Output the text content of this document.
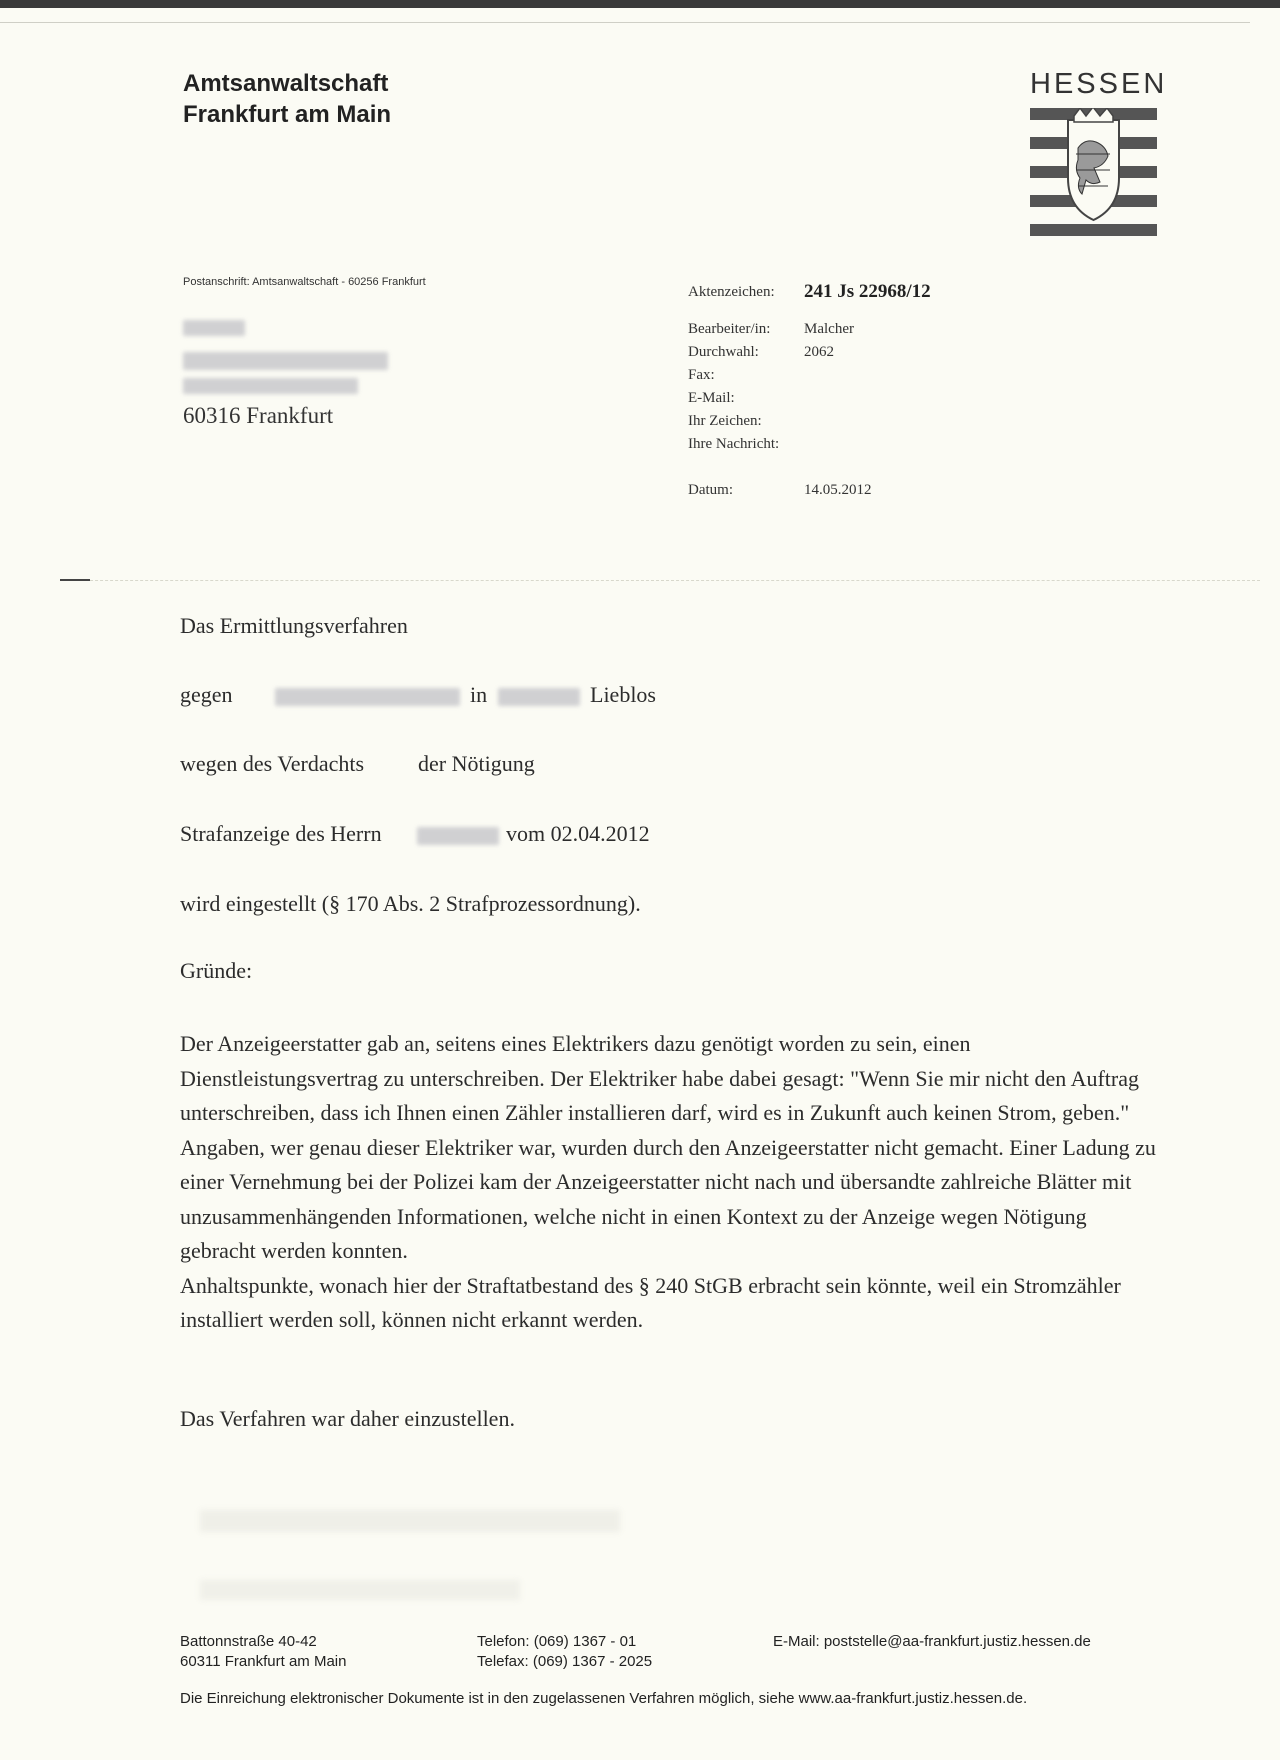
Amtsanwaltschaft
Frankfurt am Main
HESSEN
Postanschrift: Amtsanwaltschaft - 60256 Frankfurt
60316 Frankfurt
Aktenzeichen: 241 Js 22968/12
Bearbeiter/in: Malcher
Durchwahl:	2062
Fax:
E-Mail:
Ihr Zeichen:
Ihre Nachricht:
Datum:	14.05.2012
Das Ermittlungsverfahren
gegen	in	Lieblos
wegen des Verdachts der Nötigung
Strafanzeige des Herrn	vom 02.04.2012
wird eingestellt (§ 170 Abs. 2 Strafprozessordnung).
Gründe:

Der Anzeigeerstatter gab an, seitens eines Elektrikers dazu genötigt worden zu sein, einen Dienstleistungsvertrag zu unterschreiben. Der Elektriker habe dabei gesagt: "Wenn Sie mir nicht den Auftrag unterschreiben, dass ich Ihnen einen Zähler installieren darf, wird es in Zukunft auch keinen Strom, geben."

Angaben, wer genau dieser Elektriker war, wurden durch den Anzeigeerstatter nicht gemacht. Einer Ladung zu einer Vernehmung bei der Polizei kam der Anzeigeerstatter nicht nach und übersandte zahlreiche Blätter mit unzusammenhängenden Informationen, welche nicht in einen Kontext zu der Anzeige wegen Nötigung gebracht werden konnten.

Anhaltspunkte, wonach hier der Straftatbestand des § 240 StGB erbracht sein könnte, weil ein Stromzähler installiert werden soll, können nicht erkannt werden.

Das Verfahren war daher einzustellen.
Battonnstraße 40-42
60311 Frankfurt am Main
Telefon: (069) 1367 - 01
Telefax: (069) 1367 - 2025
E-Mail: poststelle@aa-frankfurt.justiz.hessen.de
Die Einreichung elektronischer Dokumente ist in den zugelassenen Verfahren möglich, siehe www.aa-frankfurt.justiz.hessen.de.
